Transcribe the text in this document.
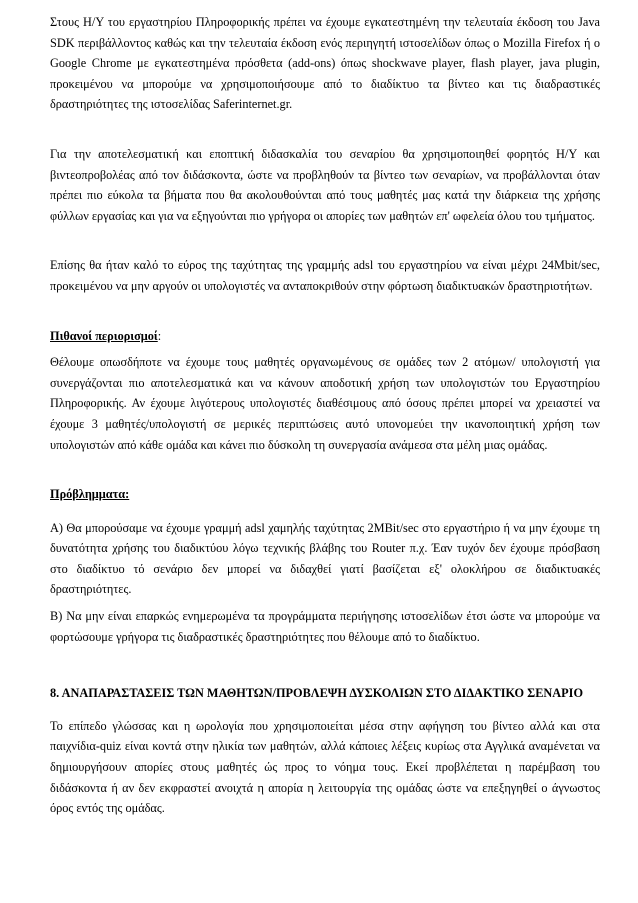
Στους Η/Υ του εργαστηρίου Πληροφορικής πρέπει να έχουμε εγκατεστημένη την τελευταία έκδοση του Java SDK περιβάλλοντος καθώς και την τελευταία έκδοση ενός περιηγητή ιστοσελίδων όπως ο Mozilla Firefox ή ο Google Chrome με εγκατεστημένα πρόσθετα (add-ons) όπως shockwave player, flash player, java plugin, προκειμένου να μπορούμε να χρησιμοποιήσουμε από το διαδίκτυο τα βίντεο και τις διαδραστικές δραστηριότητες της ιστοσελίδας Saferinternet.gr.

Για την αποτελεσματική και εποπτική διδασκαλία του σεναρίου θα χρησιμοποιηθεί φορητός Η/Υ και βιντεοπροβολέας από τον διδάσκοντα, ώστε να προβληθούν τα βίντεο των σεναρίων, να προβάλλονται όταν πρέπει πιο εύκολα τα βήματα που θα ακολουθούνται από τους μαθητές μας κατά την διάρκεια της χρήσης φύλλων εργασίας και για να εξηγούνται πιο γρήγορα οι απορίες των μαθητών επ' ωφελεία όλου του τμήματος.

Επίσης θα ήταν καλό το εύρος της ταχύτητας της γραμμής adsl του εργαστηρίου να είναι μέχρι 24Mbit/sec, προκειμένου να μην αργούν οι υπολογιστές να ανταποκριθούν στην φόρτωση διαδικτυακών δραστηριοτήτων.

Πιθανοί περιορισμοί:

Θέλουμε οπωσδήποτε να έχουμε τους μαθητές οργανωμένους σε ομάδες των 2 ατόμων/ υπολογιστή για συνεργάζονται πιο αποτελεσματικά και να κάνουν αποδοτική χρήση των υπολογιστών του Εργαστηρίου Πληροφορικής. Αν έχουμε λιγότερους υπολογιστές διαθέσιμους από όσους πρέπει μπορεί να χρειαστεί να έχουμε 3 μαθητές/υπολογιστή σε μερικές περιπτώσεις αυτό υπονομεύει την ικανοποιητική χρήση των υπολογιστών από κάθε ομάδα και κάνει πιο δύσκολη τη συνεργασία ανάμεσα στα μέλη μιας ομάδας.

Πρόβλημματα:

Α) Θα μπορούσαμε να έχουμε γραμμή adsl χαμηλής ταχύτητας 2MBit/sec στο εργαστήριο ή να μην έχουμε τη δυνατότητα χρήσης του διαδικτύου λόγω τεχνικής βλάβης του Router π.χ. Έαν τυχόν δεν έχουμε πρόσβαση στο διαδίκτυο τό σενάριο δεν μπορεί να διδαχθεί γιατί βασίζεται εξ' ολοκλήρου σε διαδικτυακές δραστηριότητες.

Β) Να μην είναι επαρκώς ενημερωμένα τα προγράμματα περιήγησης ιστοσελίδων έτσι ώστε να μπορούμε να φορτώσουμε γρήγορα τις διαδραστικές δραστηριότητες που θέλουμε από το διαδίκτυο.

8. ΑΝΑΠΑΡΑΣΤΑΣΕΙΣ ΤΩΝ ΜΑΘΗΤΩΝ/ΠΡΟΒΛΕΨΗ ΔΥΣΚΟΛΙΩΝ ΣΤΟ ΔΙΔΑΚΤΙΚΟ ΣΕΝΑΡΙΟ

Το επίπεδο γλώσσας και η ωρολογία που χρησιμοποιείται μέσα στην αφήγηση του βίντεο αλλά και στα παιχνίδια-quiz είναι κοντά στην ηλικία των μαθητών, αλλά κάποιες λέξεις κυρίως στα Αγγλικά αναμένεται να δημιουργήσουν απορίες στους μαθητές ώς προς το νόημα τους. Εκεί προβλέπεται η παρέμβαση του διδάσκοντα ή αν δεν εκφραστεί ανοιχτά η απορία η λειτουργία της ομάδας ώστε να επεξηγηθεί ο άγνωστος όρος εντός της ομάδας.
